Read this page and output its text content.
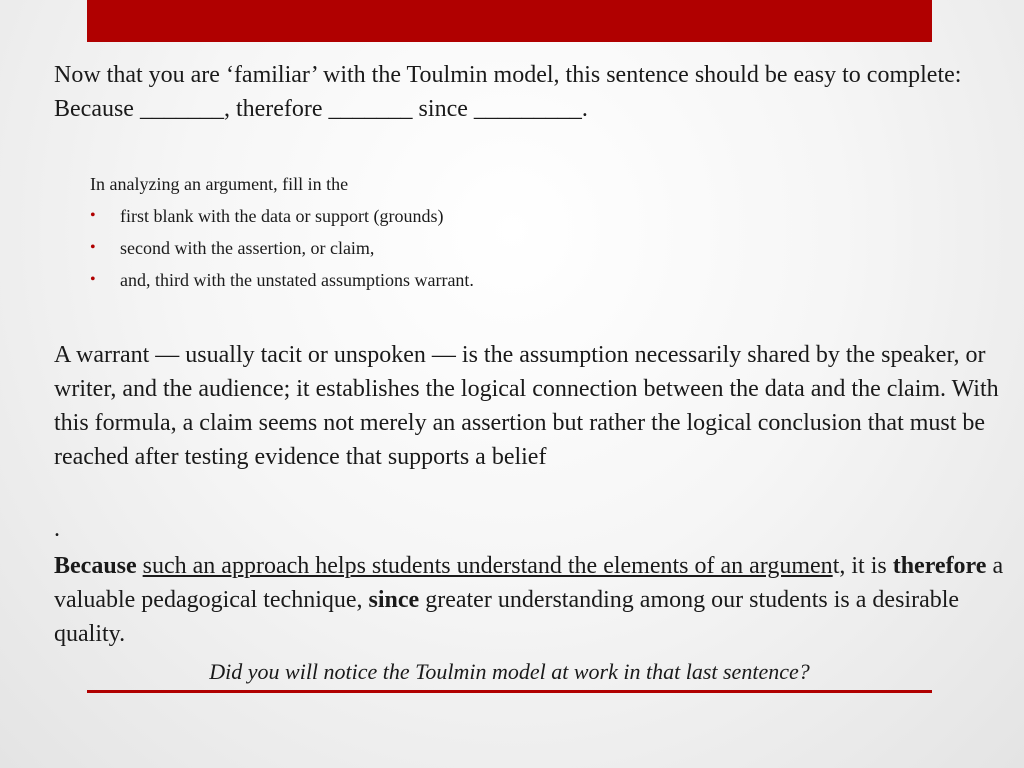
Now that you are ‘familiar’ with the Toulmin model, this sentence should be easy to complete: Because _______, therefore _______ since _________.

In analyzing an argument, fill in the

• first blank with the data or support (grounds)
• second with the assertion, or claim,
• and, third with the unstated assumptions warrant.

A warrant — usually tacit or unspoken — is the assumption necessarily shared by the speaker, or writer, and the audience; it establishes the logical connection between the data and the claim. With this formula, a claim seems not merely an assertion but rather the logical conclusion that must be reached after testing evidence that supports a belief

.

Because such an approach helps students understand the elements of an argument, it is therefore a valuable pedagogical technique, since greater understanding among our students is a desirable quality.

Did you will notice the Toulmin model at work in that last sentence?
